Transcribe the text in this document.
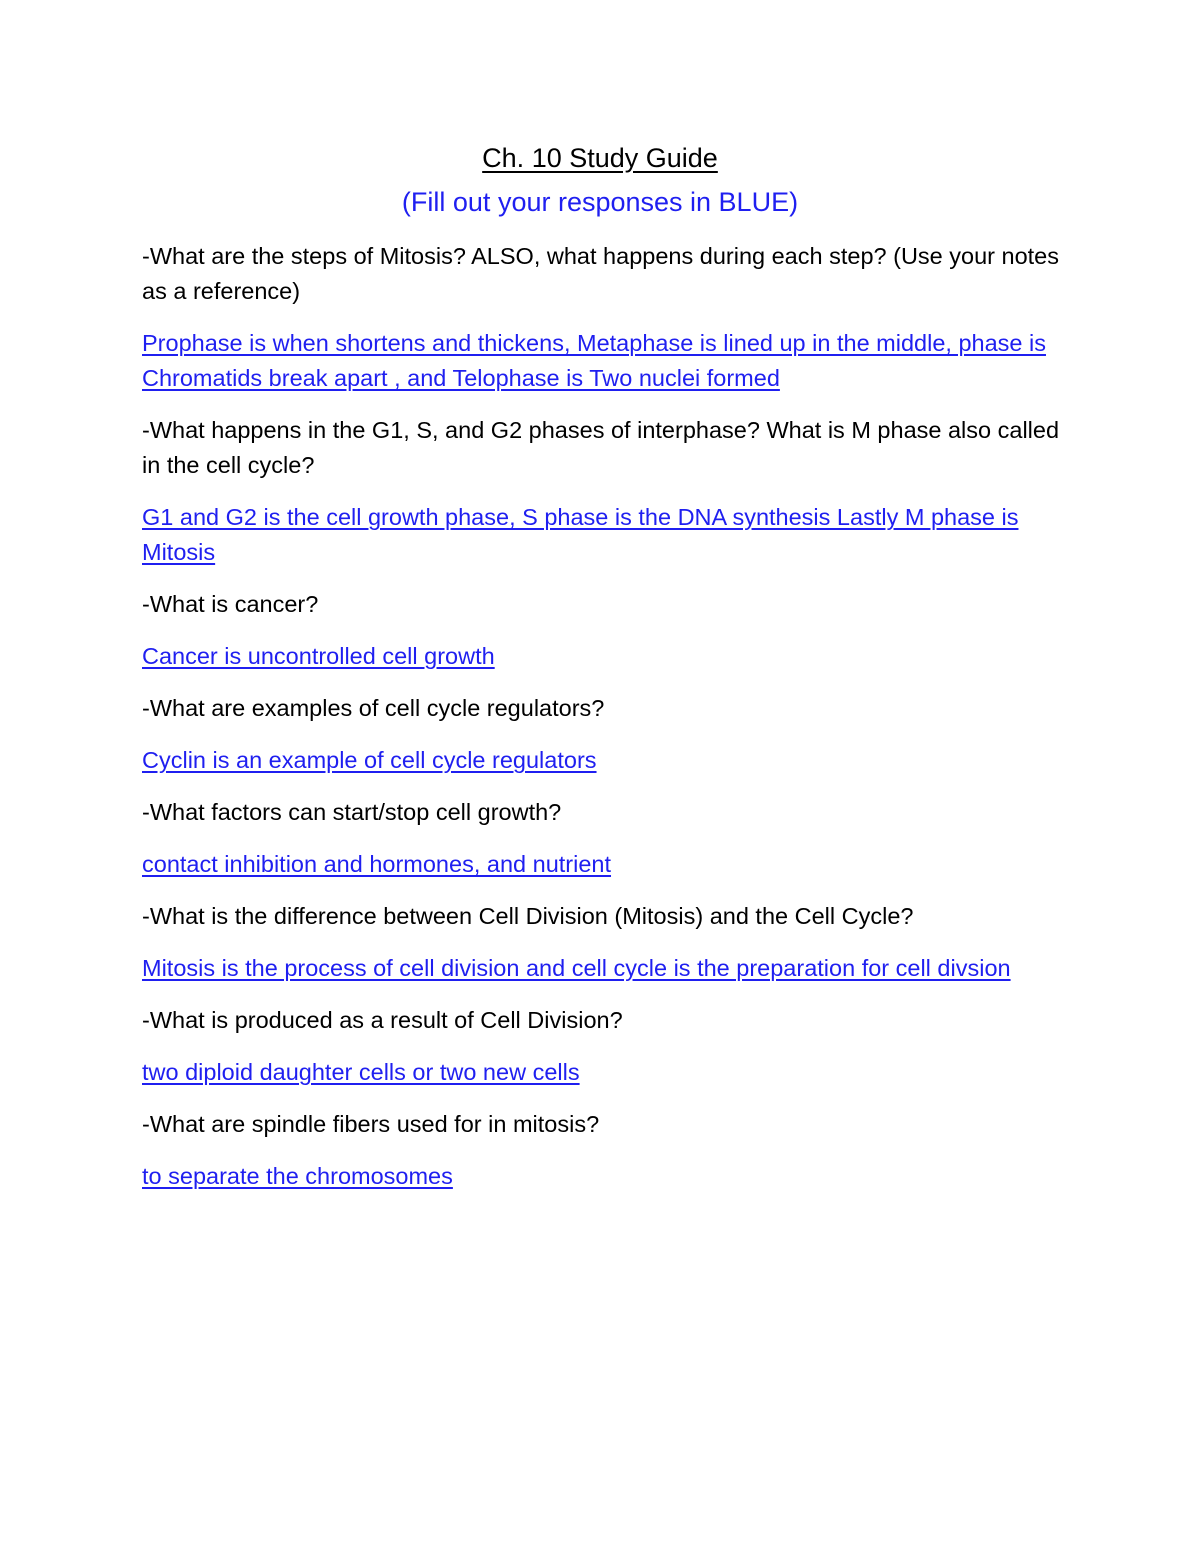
Ch. 10 Study Guide
(Fill out your responses in BLUE)

-What are the steps of Mitosis? ALSO, what happens during each step? (Use your notes as a reference)

Prophase is when shortens and thickens, Metaphase is lined up in the middle, phase is Chromatids break apart , and Telophase is Two nuclei formed

-What happens in the G1, S, and G2 phases of interphase? What is M phase also called in the cell cycle?

G1 and G2 is the cell growth phase, S phase is the DNA synthesis Lastly M phase is Mitosis

-What is cancer?

Cancer is uncontrolled cell growth

-What are examples of cell cycle regulators?

Cyclin is an example of cell cycle regulators

-What factors can start/stop cell growth?

contact inhibition and hormones, and nutrient

-What is the difference between Cell Division (Mitosis) and the Cell Cycle?

Mitosis is the process of cell division and cell cycle is the preparation for cell divsion

-What is produced as a result of Cell Division?

two diploid daughter cells or two new cells

-What are spindle fibers used for in mitosis?

to separate the chromosomes
